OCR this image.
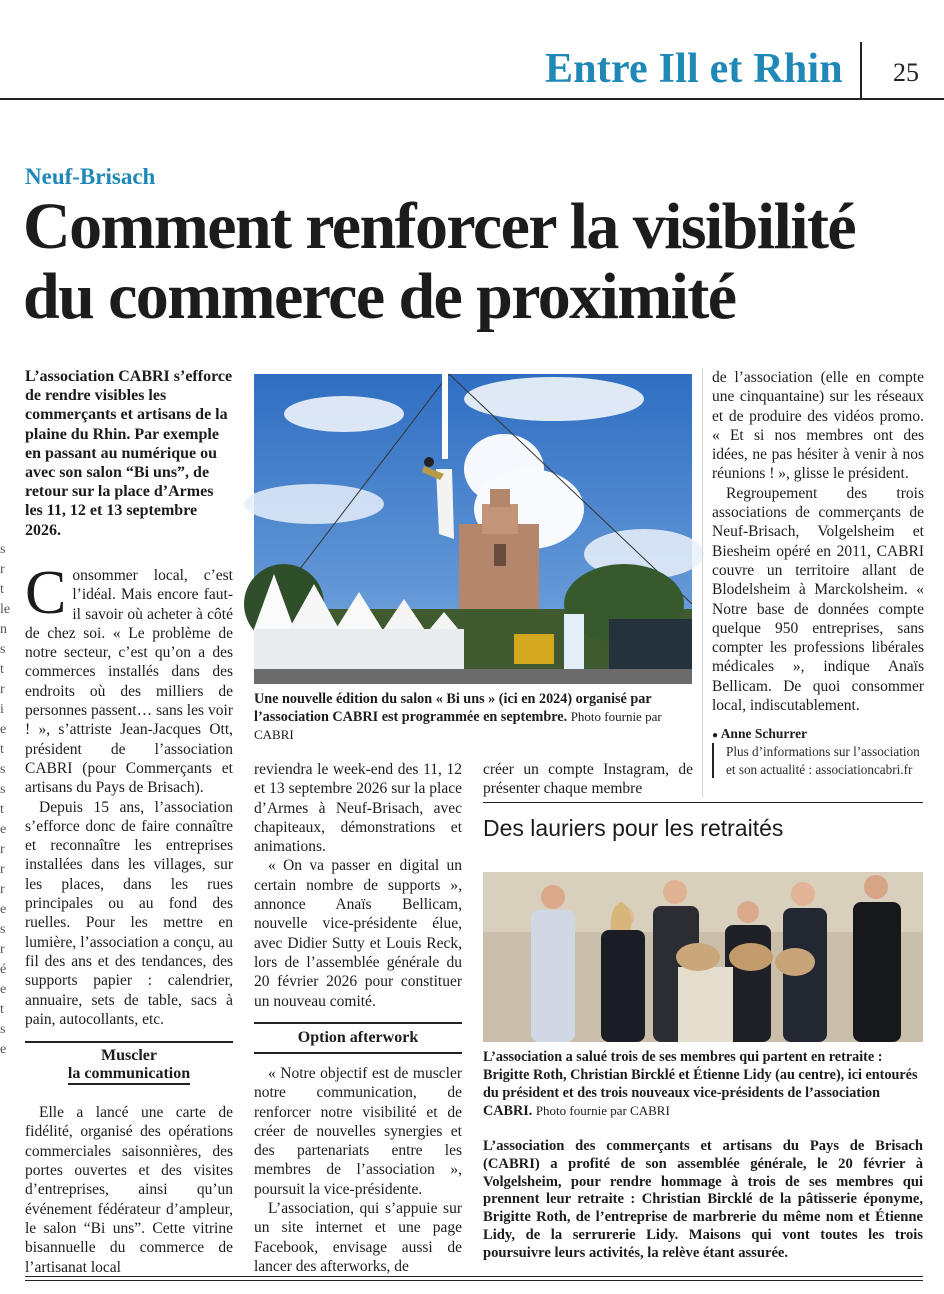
Entre Ill et Rhin 25
s
r
t
le
n
s
t
r
i
e
t
s
s
t
e
r
r
r
e
s
r
é
e
t
s
e
Neuf-Brisach
Comment renforcer la visibilité du commerce de proximité
L’association CABRI s’efforce de rendre visibles les commerçants et artisans de la plaine du Rhin. Par exemple en passant au numérique ou avec son salon “Bi uns”, de retour sur la place d’Armes les 11, 12 et 13 septembre 2026.

Consommer local, c’est l’idéal. Mais encore faut-il savoir où acheter à côté de chez soi. « Le problème de notre secteur, c’est qu’on a des commerces installés dans des endroits où des milliers de personnes passent… sans les voir ! », s’attriste Jean-Jacques Ott, président de l’association CABRI (pour Commerçants et artisans du Pays de Brisach).

Depuis 15 ans, l’association s’efforce donc de faire connaître et reconnaître les entreprises installées dans les villages, sur les places, dans les rues principales ou au fond des ruelles. Pour les mettre en lumière, l’association a conçu, au fil des ans et des tendances, des supports papier : calendrier, annuaire, sets de table, sacs à pain, autocollants, etc.

Muscler
la communication

Elle a lancé une carte de fidélité, organisé des opérations commerciales saisonnières, des portes ouvertes et des visites d’entreprises, ainsi qu’un événement fédérateur d’ampleur, le salon “Bi uns”. Cette vitrine bisannuelle du commerce de l’artisanat local

Une nouvelle édition du salon « Bi uns » (ici en 2024) organisé par l’association CABRI est programmée en septembre. Photo fournie par CABRI

de l’association (elle en compte une cinquantaine) sur les réseaux et de produire des vidéos promo. « Et si nos membres ont des idées, ne pas hésiter à venir à nos réunions ! », glisse le président.

Regroupement des trois associations de commerçants de Neuf-Brisach, Volgelsheim et Biesheim opéré en 2011, CABRI couvre un territoire allant de Blodelsheim à Marckolsheim. « Notre base de données compte quelque 950 entreprises, sans compter les professions libérales médicales », indique Anaïs Bellicam. De quoi consommer local, indiscutablement.

● Anne Schurrer
Plus d’informations sur l’association et son actualité : associationcabri.fr

reviendra le week-end des 11, 12 et 13 septembre 2026 sur la place d’Armes à Neuf-Brisach, avec chapiteaux, démonstrations et animations.

« On va passer en digital un certain nombre de supports », annonce Anaïs Bellicam, nouvelle vice-présidente élue, avec Didier Sutty et Louis Reck, lors de l’assemblée générale du 20 février 2026 pour constituer un nouveau comité.

Option afterwork

« Notre objectif est de muscler notre communication, de renforcer notre visibilité et de créer de nouvelles synergies et des partenariats entre les membres de l’association », poursuit la vice-présidente.

L’association, qui s’appuie sur un site internet et une page Facebook, envisage aussi de lancer des afterworks, de

créer un compte Instagram, de présenter chaque membre

Des lauriers pour les retraités
L’association a salué trois de ses membres qui partent en retraite : Brigitte Roth, Christian Bircklé et Étienne Lidy (au centre), ici entourés du président et des trois nouveaux vice-présidents de l’association CABRI. Photo fournie par CABRI
L’association des commerçants et artisans du Pays de Brisach (CABRI) a profité de son assemblée générale, le 20 février à Volgelsheim, pour rendre hommage à trois de ses membres qui prennent leur retraite : Christian Bircklé de la pâtisserie éponyme, Brigitte Roth, de l’entreprise de marbrerie du même nom et Étienne Lidy, de la serrurerie Lidy. Maisons qui vont toutes les trois poursuivre leurs activités, la relève étant assurée.
